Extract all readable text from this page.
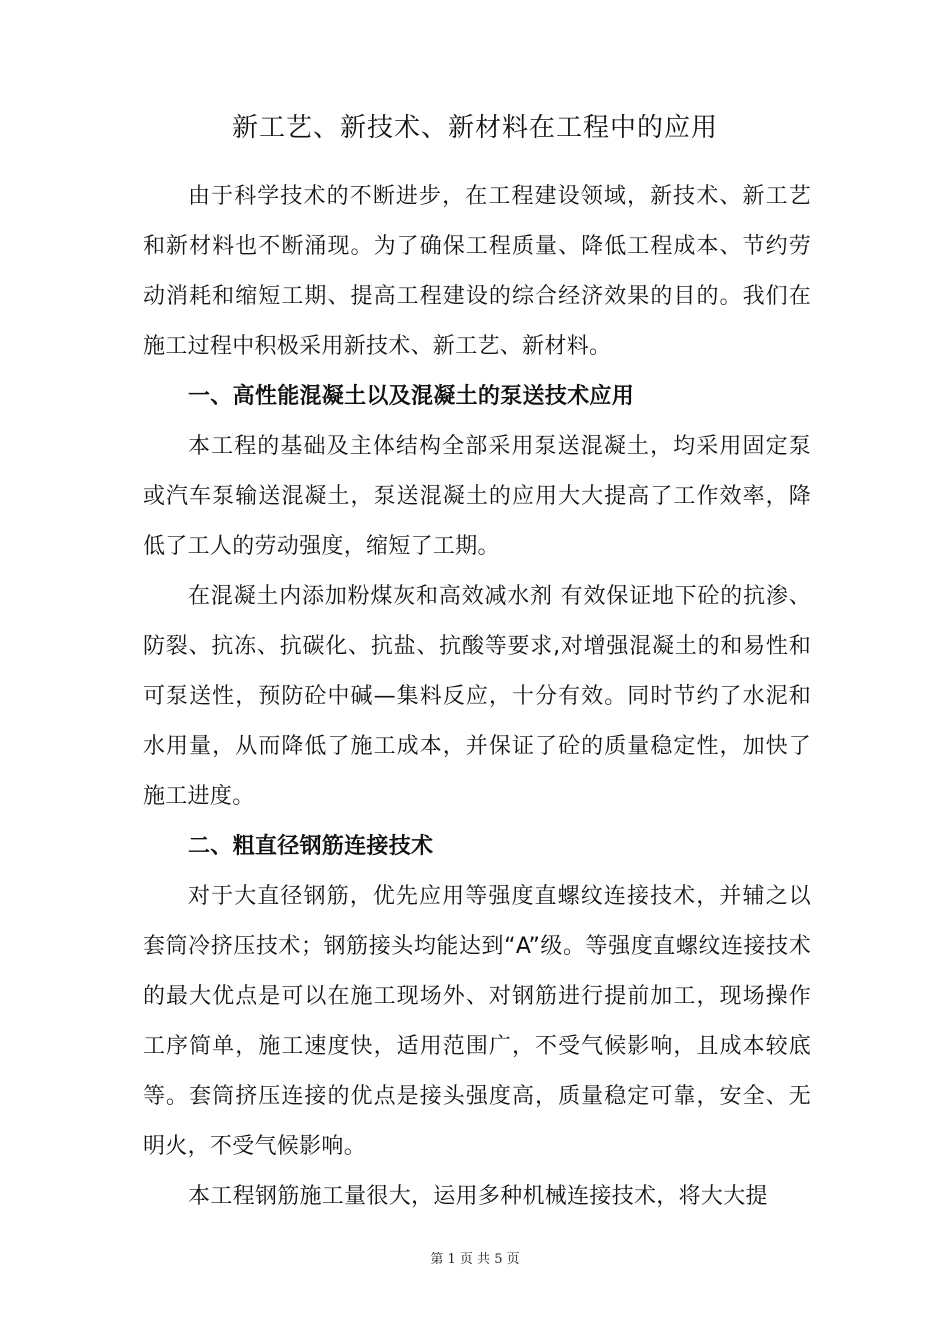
新工艺、新技术、新材料在工程中的应用

由于科学技术的不断进步，在工程建设领域，新技术、新工艺和新材料也不断涌现。为了确保工程质量、降低工程成本、节约劳动消耗和缩短工期、提高工程建设的综合经济效果的目的。我们在施工过程中积极采用新技术、新工艺、新材料。

一、高性能混凝土以及混凝土的泵送技术应用

本工程的基础及主体结构全部采用泵送混凝土，均采用固定泵或汽车泵输送混凝土，泵送混凝土的应用大大提高了工作效率，降低了工人的劳动强度，缩短了工期。

在混凝土内添加粉煤灰和高效减水剂 有效保证地下砼的抗渗、防裂、抗冻、抗碳化、抗盐、抗酸等要求,对增强混凝土的和易性和可泵送性，预防砼中碱—集料反应，十分有效。同时节约了水泥和水用量，从而降低了施工成本，并保证了砼的质量稳定性，加快了施工进度。

二、粗直径钢筋连接技术

对于大直径钢筋，优先应用等强度直螺纹连接技术，并辅之以套筒冷挤压技术；钢筋接头均能达到“A”级。等强度直螺纹连接技术的最大优点是可以在施工现场外、对钢筋进行提前加工，现场操作工序简单，施工速度快，适用范围广，不受气候影响，且成本较底等。套筒挤压连接的优点是接头强度高，质量稳定可靠，安全、无明火，不受气候影响。

本工程钢筋施工量很大，运用多种机械连接技术，将大大提

第 1 页 共 5 页
